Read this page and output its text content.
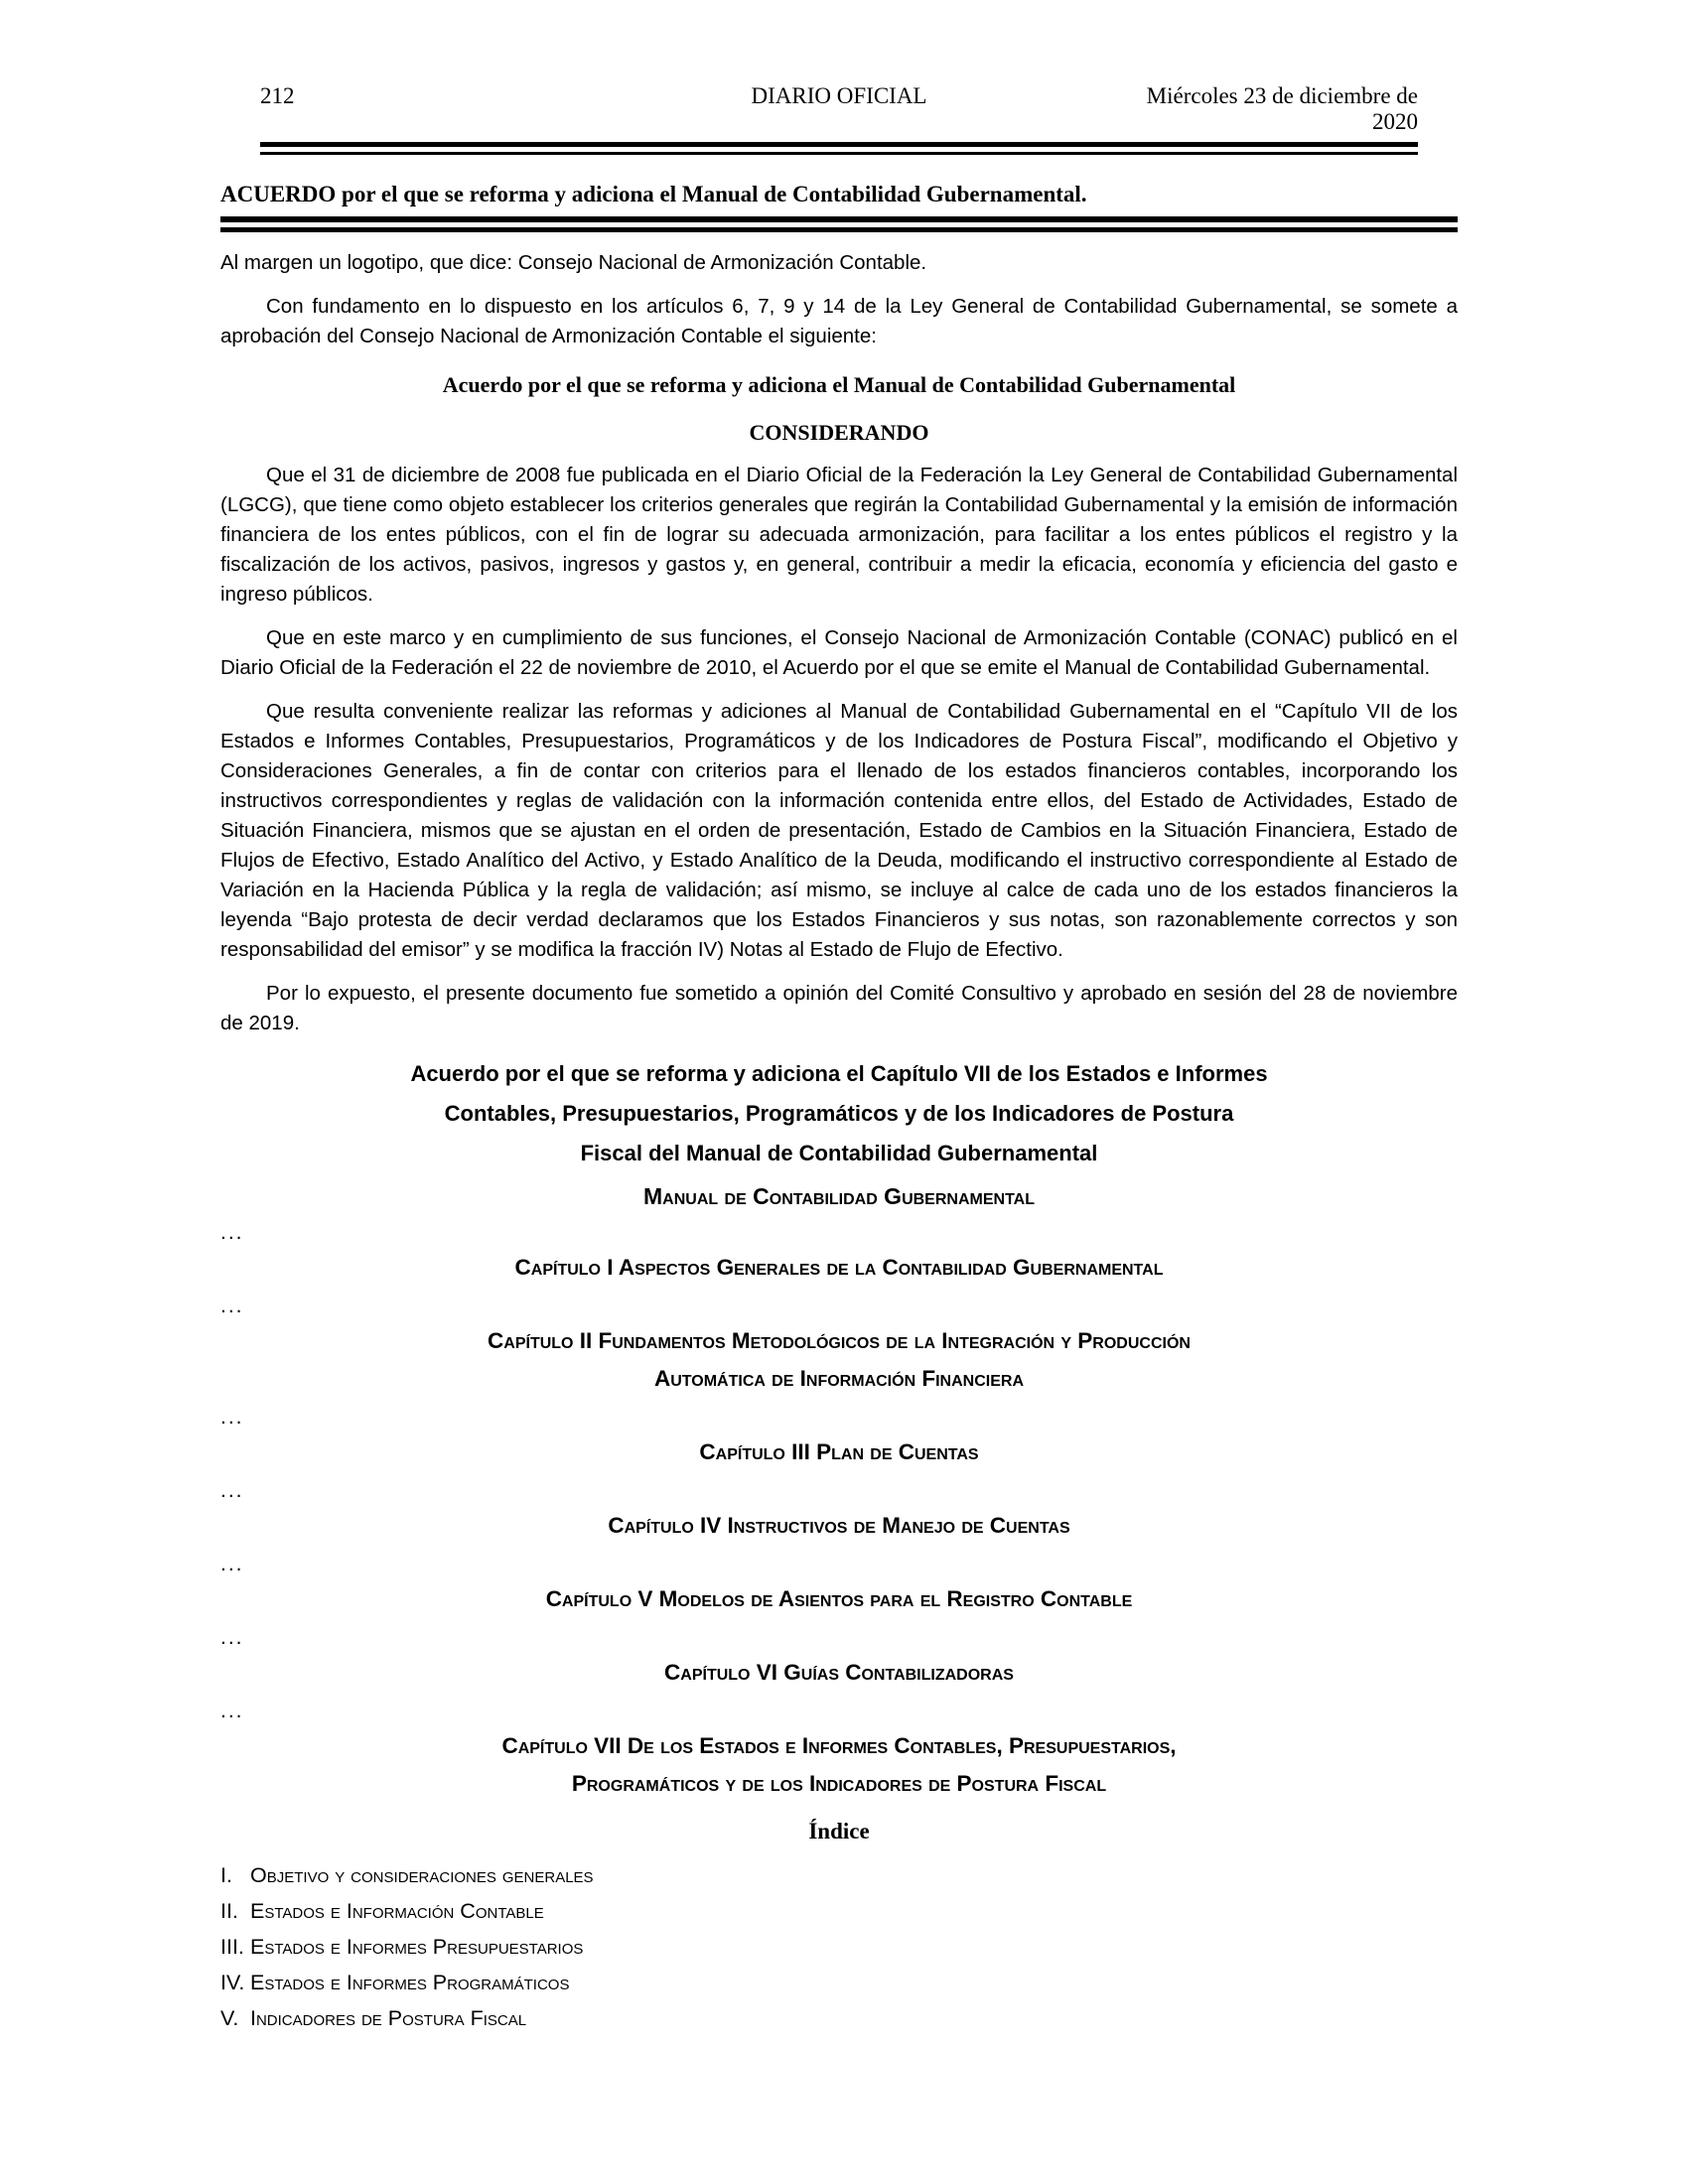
212	DIARIO OFICIAL	Miércoles 23 de diciembre de 2020
ACUERDO por el que se reforma y adiciona el Manual de Contabilidad Gubernamental.

Al margen un logotipo, que dice: Consejo Nacional de Armonización Contable.

Con fundamento en lo dispuesto en los artículos 6, 7, 9 y 14 de la Ley General de Contabilidad Gubernamental, se somete a aprobación del Consejo Nacional de Armonización Contable el siguiente:

Acuerdo por el que se reforma y adiciona el Manual de Contabilidad Gubernamental
CONSIDERANDO

Que el 31 de diciembre de 2008 fue publicada en el Diario Oficial de la Federación la Ley General de Contabilidad Gubernamental (LGCG), que tiene como objeto establecer los criterios generales que regirán la Contabilidad Gubernamental y la emisión de información financiera de los entes públicos, con el fin de lograr su adecuada armonización, para facilitar a los entes públicos el registro y la fiscalización de los activos, pasivos, ingresos y gastos y, en general, contribuir a medir la eficacia, economía y eficiencia del gasto e ingreso públicos.

Que en este marco y en cumplimiento de sus funciones, el Consejo Nacional de Armonización Contable (CONAC) publicó en el Diario Oficial de la Federación el 22 de noviembre de 2010, el Acuerdo por el que se emite el Manual de Contabilidad Gubernamental.

Que resulta conveniente realizar las reformas y adiciones al Manual de Contabilidad Gubernamental en el “Capítulo VII de los Estados e Informes Contables, Presupuestarios, Programáticos y de los Indicadores de Postura Fiscal”, modificando el Objetivo y Consideraciones Generales, a fin de contar con criterios para el llenado de los estados financieros contables, incorporando los instructivos correspondientes y reglas de validación con la información contenida entre ellos, del Estado de Actividades, Estado de Situación Financiera, mismos que se ajustan en el orden de presentación, Estado de Cambios en la Situación Financiera, Estado de Flujos de Efectivo, Estado Analítico del Activo, y Estado Analítico de la Deuda, modificando el instructivo correspondiente al Estado de Variación en la Hacienda Pública y la regla de validación; así mismo, se incluye al calce de cada uno de los estados financieros la leyenda “Bajo protesta de decir verdad declaramos que los Estados Financieros y sus notas, son razonablemente correctos y son responsabilidad del emisor” y se modifica la fracción IV) Notas al Estado de Flujo de Efectivo.

Por lo expuesto, el presente documento fue sometido a opinión del Comité Consultivo y aprobado en sesión del 28 de noviembre de 2019.

Acuerdo por el que se reforma y adiciona el Capítulo VII de los Estados e Informes
Contables, Presupuestarios, Programáticos y de los Indicadores de Postura
Fiscal del Manual de Contabilidad Gubernamental
Manual de Contabilidad Gubernamental
...
Capítulo I Aspectos Generales de la Contabilidad Gubernamental
...
Capítulo II Fundamentos Metodológicos de la Integración y Producción
Automática de Información Financiera
...
Capítulo III Plan de Cuentas
...
Capítulo IV Instructivos de Manejo de Cuentas
...
Capítulo V Modelos de Asientos para el Registro Contable
...
Capítulo VI Guías Contabilizadoras
...
Capítulo VII De los Estados e Informes Contables, Presupuestarios,
Programáticos y de los Indicadores de Postura Fiscal
Índice
I. Objetivo y consideraciones generales
II. Estados e Información Contable
III. Estados e Informes Presupuestarios
IV. Estados e Informes Programáticos
V. Indicadores de Postura Fiscal
